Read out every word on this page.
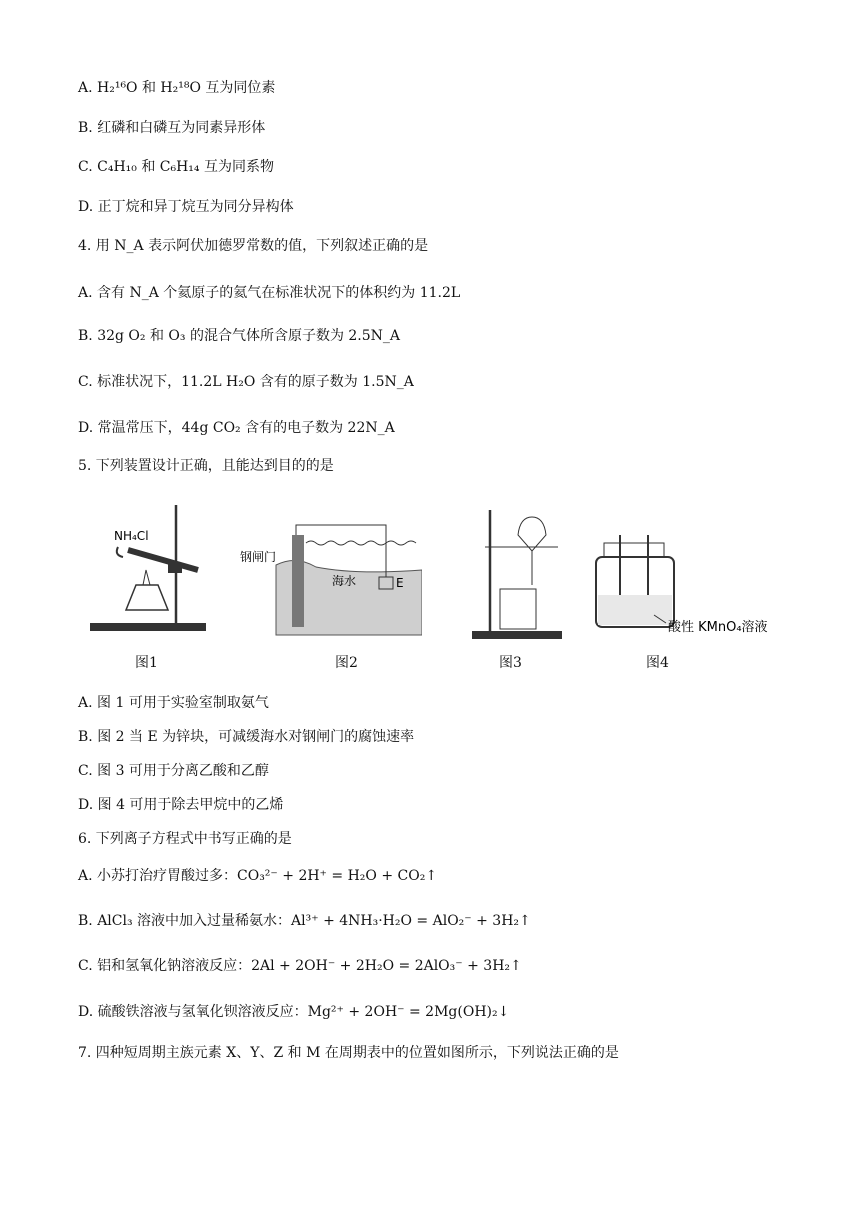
A. H₂¹⁶O 和 H₂¹⁸O 互为同位素
B. 红磷和白磷互为同素异形体
C. C₄H₁₀ 和 C₆H₁₄ 互为同系物
D. 正丁烷和异丁烷互为同分异构体
4. 用 N_A 表示阿伏加德罗常数的值，下列叙述正确的是
A. 含有 N_A 个氦原子的氦气在标准状况下的体积约为 11.2L
B. 32g O₂ 和 O₃ 的混合气体所含原子数为 2.5N_A
C. 标准状况下，11.2L H₂O 含有的原子数为 1.5N_A
D. 常温常压下，44g CO₂ 含有的电子数为 22N_A
5. 下列装置设计正确，且能达到目的的是
NH₄Cl
钢闸门
海水	E
酸性 KMnO₄溶液
图1	图2	图3	图4
A. 图 1 可用于实验室制取氨气
B. 图 2 当 E 为锌块，可减缓海水对钢闸门的腐蚀速率
C. 图 3 可用于分离乙酸和乙醇
D. 图 4 可用于除去甲烷中的乙烯
6. 下列离子方程式中书写正确的是
A. 小苏打治疗胃酸过多：CO₃²⁻ + 2H⁺ = H₂O + CO₂↑
B. AlCl₃ 溶液中加入过量稀氨水：Al³⁺ + 4NH₃·H₂O = AlO₂⁻ + 3H₂↑
C. 铝和氢氧化钠溶液反应：2Al + 2OH⁻ + 2H₂O = 2AlO₃⁻ + 3H₂↑
D. 硫酸铁溶液与氢氧化钡溶液反应：Mg²⁺ + 2OH⁻ = 2Mg(OH)₂↓
7. 四种短周期主族元素 X、Y、Z 和 M 在周期表中的位置如图所示，下列说法正确的是
